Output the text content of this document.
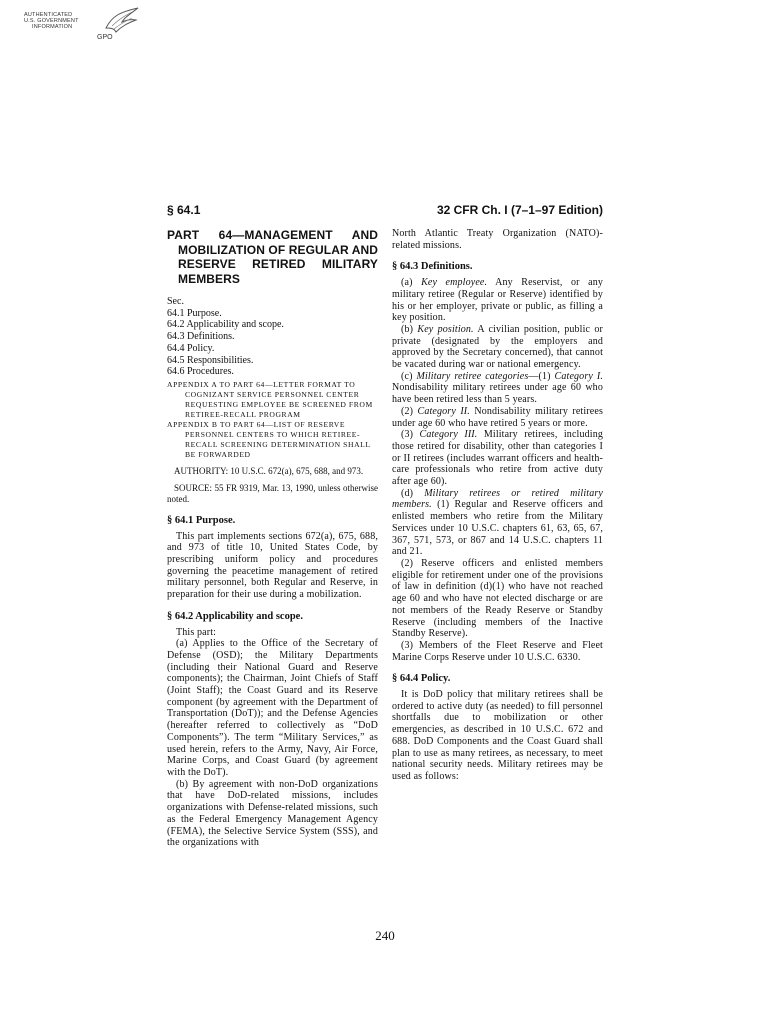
AUTHENTICATED
U.S. GOVERNMENT
INFORMATION
GPO
§ 64.1	32 CFR Ch. I (7–1–97 Edition)
PART 64—MANAGEMENT AND MOBILIZATION OF REGULAR AND RESERVE RETIRED MILITARY MEMBERS
Sec.
64.1 Purpose.
64.2 Applicability and scope.
64.3 Definitions.
64.4 Policy.
64.5 Responsibilities.
64.6 Procedures.
APPENDIX A TO PART 64—LETTER FORMAT TO COGNIZANT SERVICE PERSONNEL CENTER REQUESTING EMPLOYEE BE SCREENED FROM RETIREE-RECALL PROGRAM
APPENDIX B TO PART 64—LIST OF RESERVE PERSONNEL CENTERS TO WHICH RETIREE-RECALL SCREENING DETERMINATION SHALL BE FORWARDED

AUTHORITY: 10 U.S.C. 672(a), 675, 688, and 973.

SOURCE: 55 FR 9319, Mar. 13, 1990, unless otherwise noted.

§ 64.1 Purpose.

This part implements sections 672(a), 675, 688, and 973 of title 10, United States Code, by prescribing uniform policy and procedures governing the peacetime management of retired military personnel, both Regular and Reserve, in preparation for their use during a mobilization.

§ 64.2 Applicability and scope.

This part:

(a) Applies to the Office of the Secretary of Defense (OSD); the Military Departments (including their National Guard and Reserve components); the Chairman, Joint Chiefs of Staff (Joint Staff); the Coast Guard and its Reserve component (by agreement with the Department of Transportation (DoT)); and the Defense Agencies (hereafter referred to collectively as “DoD Components”). The term “Military Services,” as used herein, refers to the Army, Navy, Air Force, Marine Corps, and Coast Guard (by agreement with the DoT).

(b) By agreement with non-DoD organizations that have DoD-related missions, includes organizations with Defense-related missions, such as the Federal Emergency Management Agency (FEMA), the Selective Service System (SSS), and the organizations with

North Atlantic Treaty Organization (NATO)-related missions.

§ 64.3 Definitions.

(a) Key employee. Any Reservist, or any military retiree (Regular or Reserve) identified by his or her employer, private or public, as filling a key position.

(b) Key position. A civilian position, public or private (designated by the employers and approved by the Secretary concerned), that cannot be vacated during war or national emergency.

(c) Military retiree categories—(1) Category I. Nondisability military retirees under age 60 who have been retired less than 5 years.

(2) Category II. Nondisability military retirees under age 60 who have retired 5 years or more.

(3) Category III. Military retirees, including those retired for disability, other than categories I or II retirees (includes warrant officers and health-care professionals who retire from active duty after age 60).

(d) Military retirees or retired military members. (1) Regular and Reserve officers and enlisted members who retire from the Military Services under 10 U.S.C. chapters 61, 63, 65, 67, 367, 571, 573, or 867 and 14 U.S.C. chapters 11 and 21.

(2) Reserve officers and enlisted members eligible for retirement under one of the provisions of law in definition (d)(1) who have not reached age 60 and who have not elected discharge or are not members of the Ready Reserve or Standby Reserve (including members of the Inactive Standby Reserve).

(3) Members of the Fleet Reserve and Fleet Marine Corps Reserve under 10 U.S.C. 6330.

§ 64.4 Policy.

It is DoD policy that military retirees shall be ordered to active duty (as needed) to fill personnel shortfalls due to mobilization or other emergencies, as described in 10 U.S.C. 672 and 688. DoD Components and the Coast Guard shall plan to use as many retirees, as necessary, to meet national security needs. Military retirees may be used as follows:

240
